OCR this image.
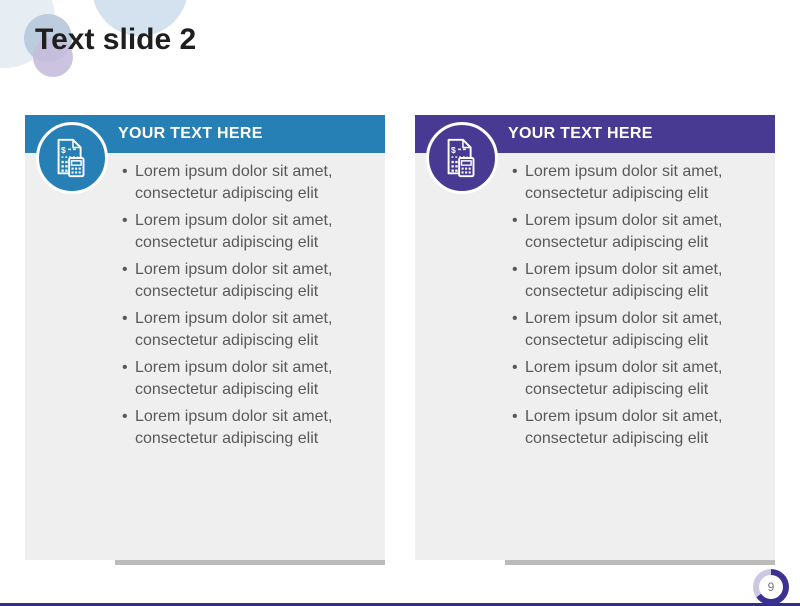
Text slide 2
$
YOUR TEXT HERE
• Lorem ipsum dolor sit amet,
consectetur adipiscing elit
• Lorem ipsum dolor sit amet,
consectetur adipiscing elit
• Lorem ipsum dolor sit amet,
consectetur adipiscing elit
• Lorem ipsum dolor sit amet,
consectetur adipiscing elit
• Lorem ipsum dolor sit amet,
consectetur adipiscing elit
• Lorem ipsum dolor sit amet,
consectetur adipiscing elit
$
YOUR TEXT HERE
• Lorem ipsum dolor sit amet,
consectetur adipiscing elit
• Lorem ipsum dolor sit amet,
consectetur adipiscing elit
• Lorem ipsum dolor sit amet,
consectetur adipiscing elit
• Lorem ipsum dolor sit amet,
consectetur adipiscing elit
• Lorem ipsum dolor sit amet,
consectetur adipiscing elit
• Lorem ipsum dolor sit amet,
consectetur adipiscing elit
9
